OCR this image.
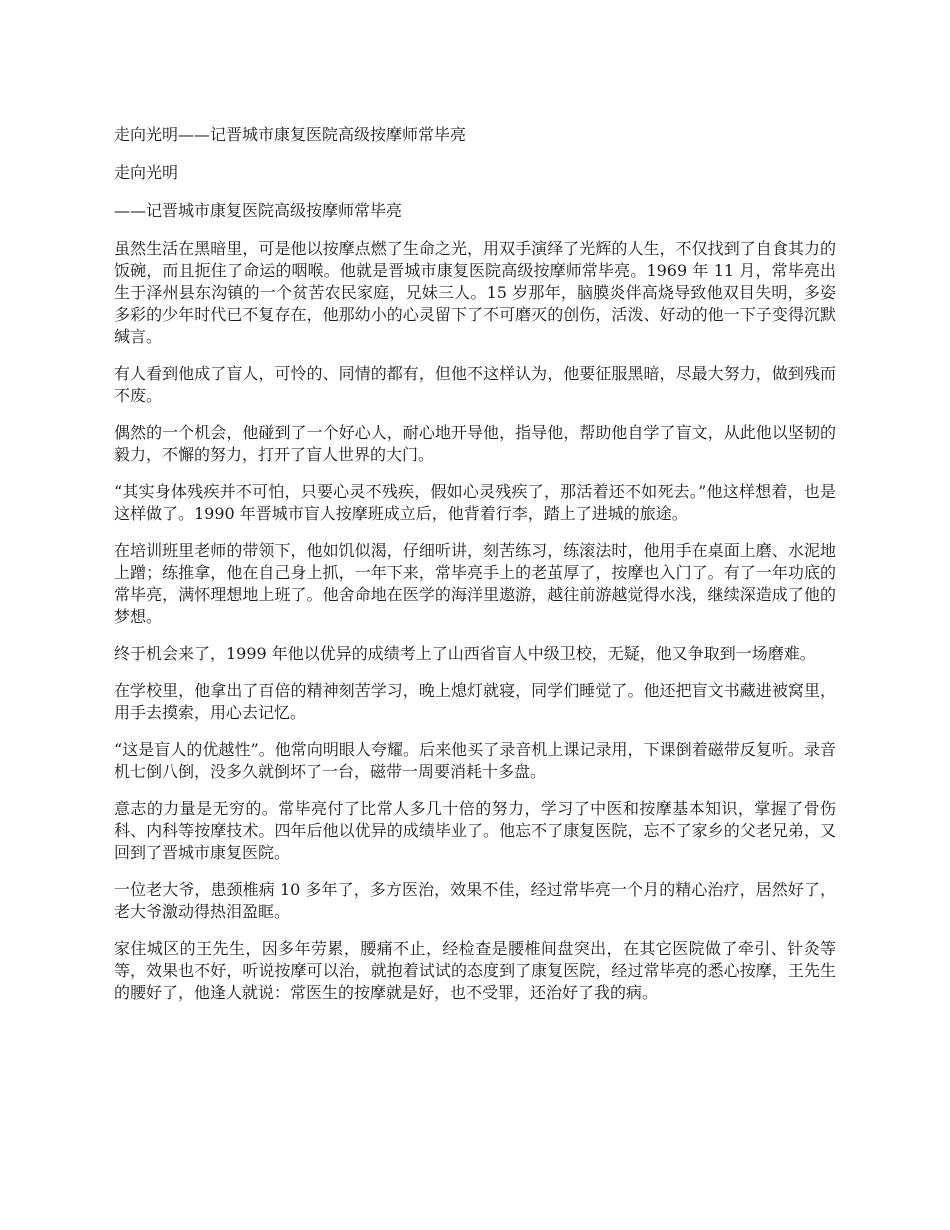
走向光明——记晋城市康复医院高级按摩师常毕亮

走向光明

——记晋城市康复医院高级按摩师常毕亮

虽然生活在黑暗里，可是他以按摩点燃了生命之光，用双手演绎了光辉的人生，不仅找到了自食其力的饭碗，而且扼住了命运的咽喉。他就是晋城市康复医院高级按摩师常毕亮。1969 年 11 月，常毕亮出生于泽州县东沟镇的一个贫苦农民家庭，兄妹三人。15 岁那年，脑膜炎伴高烧导致他双目失明，多姿多彩的少年时代已不复存在，他那幼小的心灵留下了不可磨灭的创伤，活泼、好动的他一下子变得沉默缄言。

有人看到他成了盲人，可怜的、同情的都有，但他不这样认为，他要征服黑暗，尽最大努力，做到残而不废。

偶然的一个机会，他碰到了一个好心人，耐心地开导他，指导他，帮助他自学了盲文，从此他以坚韧的毅力，不懈的努力，打开了盲人世界的大门。

“其实身体残疾并不可怕，只要心灵不残疾，假如心灵残疾了，那活着还不如死去。”他这样想着，也是这样做了。1990 年晋城市盲人按摩班成立后，他背着行李，踏上了进城的旅途。

在培训班里老师的带领下，他如饥似渴，仔细听讲，刻苦练习，练滚法时，他用手在桌面上磨、水泥地上蹭；练推拿，他在自己身上抓，一年下来，常毕亮手上的老茧厚了，按摩也入门了。有了一年功底的常毕亮，满怀理想地上班了。他舍命地在医学的海洋里遨游，越往前游越觉得水浅，继续深造成了他的梦想。

终于机会来了，1999 年他以优异的成绩考上了山西省盲人中级卫校，无疑，他又争取到一场磨难。

在学校里，他拿出了百倍的精神刻苦学习，晚上熄灯就寝，同学们睡觉了。他还把盲文书藏进被窝里，用手去摸索，用心去记忆。

“这是盲人的优越性”。他常向明眼人夸耀。后来他买了录音机上课记录用，下课倒着磁带反复听。录音机七倒八倒，没多久就倒坏了一台，磁带一周要消耗十多盘。

意志的力量是无穷的。常毕亮付了比常人多几十倍的努力，学习了中医和按摩基本知识，掌握了骨伤科、内科等按摩技术。四年后他以优异的成绩毕业了。他忘不了康复医院，忘不了家乡的父老兄弟，又回到了晋城市康复医院。

一位老大爷，患颈椎病 10 多年了，多方医治，效果不佳，经过常毕亮一个月的精心治疗，居然好了，老大爷激动得热泪盈眶。

家住城区的王先生，因多年劳累，腰痛不止，经检查是腰椎间盘突出，在其它医院做了牵引、针灸等等，效果也不好，听说按摩可以治，就抱着试试的态度到了康复医院，经过常毕亮的悉心按摩，王先生的腰好了，他逢人就说：常医生的按摩就是好，也不受罪，还治好了我的病。
